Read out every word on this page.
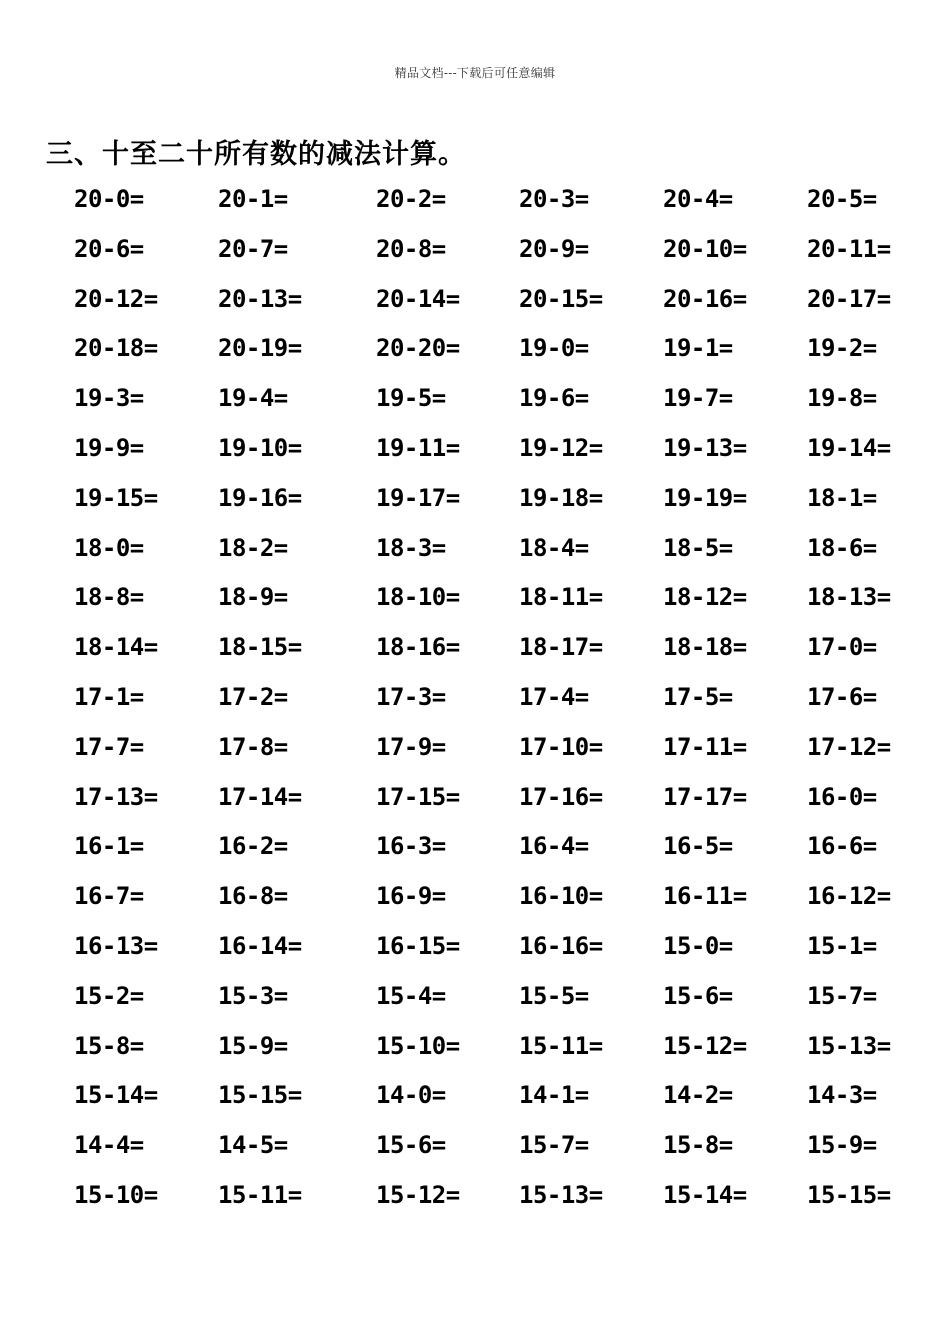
精品文档---下载后可任意编辑
三、十至二十所有数的减法计算。
20-0=	20-1=	20-2=	20-3=	20-4=	20-5=
20-6=	20-7=	20-8=	20-9=	20-10=	20-11=
20-12=	20-13=	20-14= 20-15=	20-16=	20-17=
20-18=	20-19=	20-20= 19-0=	19-1=	19-2=
19-3=	19-4=	19-5=	19-6=	19-7=	19-8=
19-9=	19-10=	19-11= 19-12=	19-13=	19-14=
19-15=	19-16=	19-17= 19-18=	19-19=	18-1=
18-0=	18-2=	18-3=	18-4=	18-5=	18-6=
18-8=	18-9=	18-10= 18-11=	18-12=	18-13=
18-14=	18-15=	18-16= 18-17=	18-18=	17-0=
17-1=	17-2=	17-3=	17-4=	17-5=	17-6=
17-7=	17-8=	17-9=	17-10=	17-11=	17-12=
17-13=	17-14=	17-15= 17-16=	17-17=	16-0=
16-1=	16-2=	16-3=	16-4=	16-5=	16-6=
16-7=	16-8=	16-9=	16-10=	16-11=	16-12=
16-13=	16-14=	16-15= 16-16=	15-0=	15-1=
15-2=	15-3=	15-4=	15-5=	15-6=	15-7=
15-8=	15-9=	15-10= 15-11=	15-12=	15-13=
15-14=	15-15=	14-0=	14-1=	14-2=	14-3=
14-4=	14-5=	15-6=	15-7=	15-8=	15-9=
15-10=	15-11=	15-12= 15-13=	15-14=	15-15=
